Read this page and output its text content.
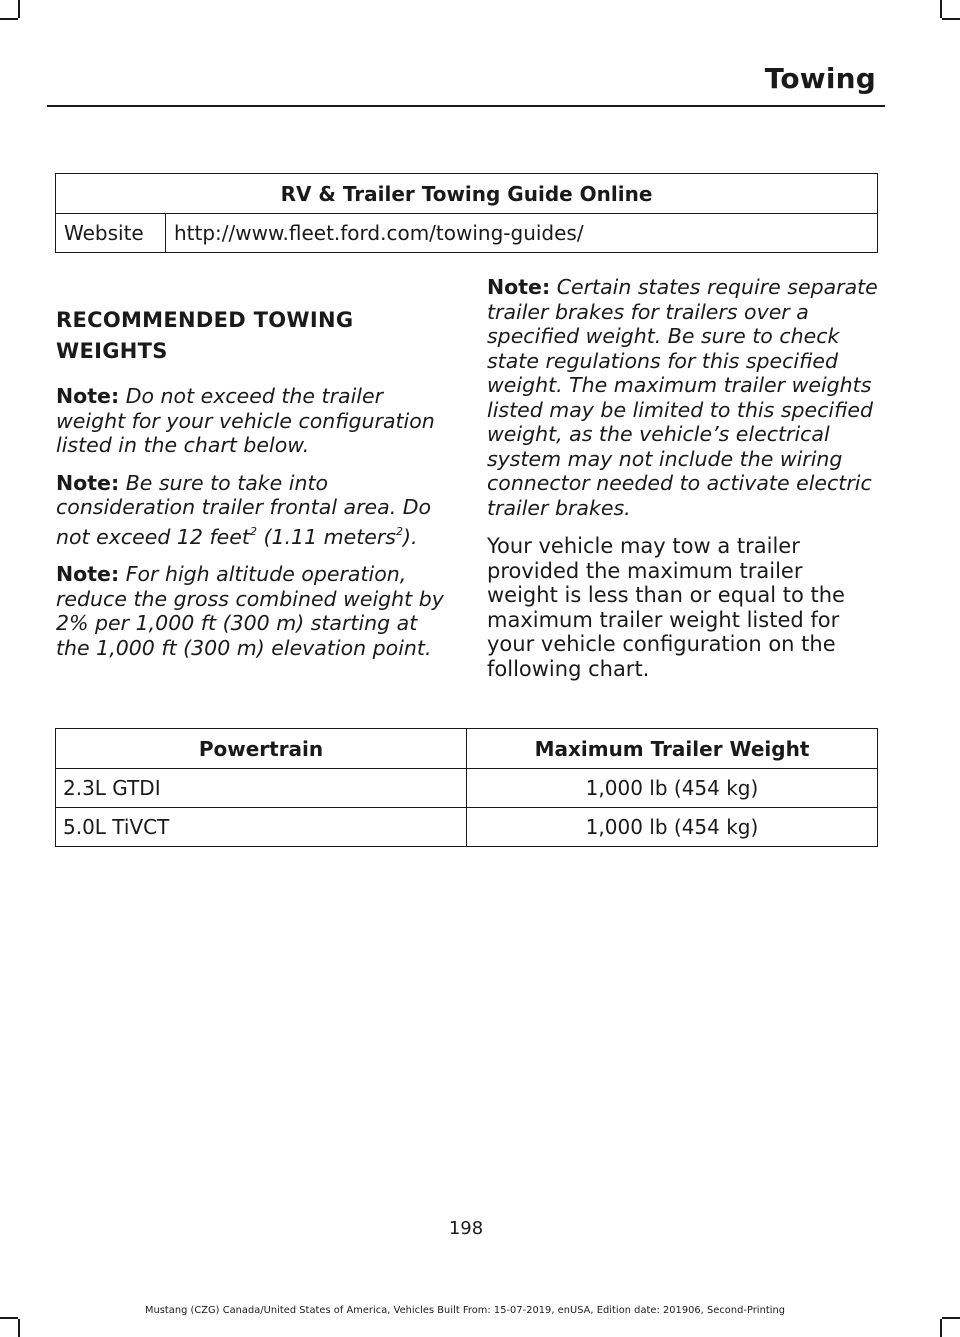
Towing
RV & Trailer Towing Guide Online
Website	http://www.fleet.ford.com/towing-guides/
RECOMMENDED TOWING
WEIGHTS

Note: Do not exceed the trailer weight for your vehicle configuration listed in the chart below.

Note: Be sure to take into consideration trailer frontal area. Do not exceed 12 feet$^2$ (1.11 meters$^2$).

Note: For high altitude operation, reduce the gross combined weight by 2% per 1,000 ft (300 m) starting at the 1,000 ft (300 m) elevation point.

Note: Certain states require separate trailer brakes for trailers over a specified weight. Be sure to check state regulations for this specified weight. The maximum trailer weights listed may be limited to this specified weight, as the vehicle’s electrical system may not include the wiring connector needed to activate electric trailer brakes.

Your vehicle may tow a trailer provided the maximum trailer weight is less than or equal to the maximum trailer weight listed for your vehicle configuration on the following chart.

Powertrain	Maximum Trailer Weight
2.3L GTDI	1,000 lb (454 kg)
5.0L TiVCT	1,000 lb (454 kg)
198
Mustang (CZG) Canada/United States of America, Vehicles Built From: 15-07-2019, enUSA, Edition date: 201906, Second-Printing
